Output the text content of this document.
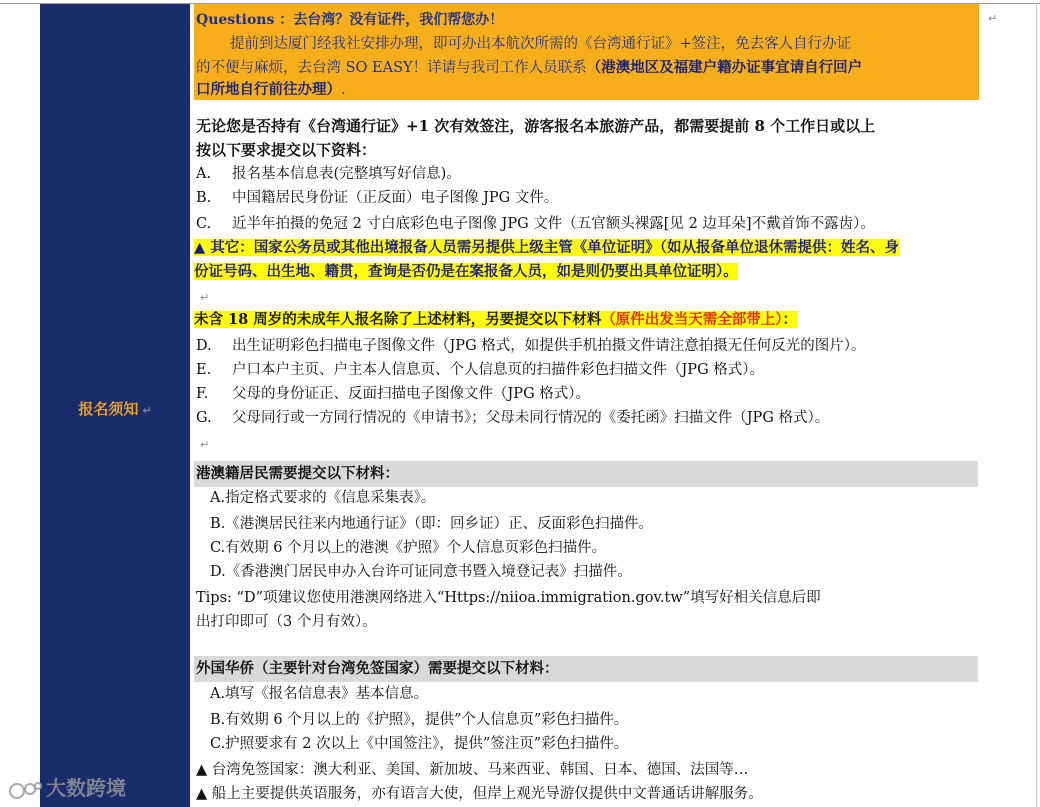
报名须知 ↵
Questions ：去台湾？没有证件，我们帮您办！
提前到达厦门经我社安排办理，即可办出本航次所需的《台湾通行证》+签注，免去客人自行办证
的不便与麻烦，去台湾 SO EASY！详请与我司工作人员联系（港澳地区及福建户籍办证事宜请自行回户
口所地自行前往办理）.
↵
无论您是否持有《台湾通行证》+1 次有效签注，游客报名本旅游产品，都需要提前 8 个工作日或以上
按以下要求提交以下资料：
A. 报名基本信息表(完整填写好信息)。
B. 中国籍居民身份证（正反面）电子图像 JPG 文件。
C. 近半年拍摄的免冠 2 寸白底彩色电子图像 JPG 文件（五官额头裸露[见 2 边耳朵]不戴首饰不露齿）。
▲ 其它：国家公务员或其他出境报备人员需另提供上级主管《单位证明》（如从报备单位退休需提供：姓名、身
份证号码、出生地、籍贯，查询是否仍是在案报备人员，如是则仍要出具单位证明）。
↵
未含 18 周岁的未成年人报名除了上述材料，另要提交以下材料（原件出发当天需全部带上）：
D. 出生证明彩色扫描电子图像文件（JPG 格式，如提供手机拍摄文件请注意拍摄无任何反光的图片）。
E. 户口本户主页、户主本人信息页、个人信息页的扫描件彩色扫描文件（JPG 格式）。
F. 父母的身份证正、反面扫描电子图像文件（JPG 格式）。
G. 父母同行或一方同行情况的《申请书》；父母未同行情况的《委托函》扫描文件（JPG 格式）。
↵
港澳籍居民需要提交以下材料：
A.指定格式要求的《信息采集表》。
B.《港澳居民往来内地通行证》（即：回乡证）正、反面彩色扫描件。
C.有效期 6 个月以上的港澳《护照》个人信息页彩色扫描件。
D.《香港澳门居民申办入台许可证同意书暨入境登记表》扫描件。
Tips: “D”项建议您使用港澳网络进入“Https://niioa.immigration.gov.tw”填写好相关信息后即
出打印即可（3 个月有效）。
外国华侨（主要针对台湾免签国家）需要提交以下材料：
A.填写《报名信息表》基本信息。
B.有效期 6 个月以上的《护照》，提供”个人信息页”彩色扫描件。
C.护照要求有 2 次以上《中国签注》，提供”签注页”彩色扫描件。
▲ 台湾免签国家：澳大利亚、美国、新加坡、马来西亚、韩国、日本、德国、法国等…
▲ 船上主要提供英语服务，亦有语言大使，但岸上观光导游仅提供中文普通话讲解服务。
大数跨境
